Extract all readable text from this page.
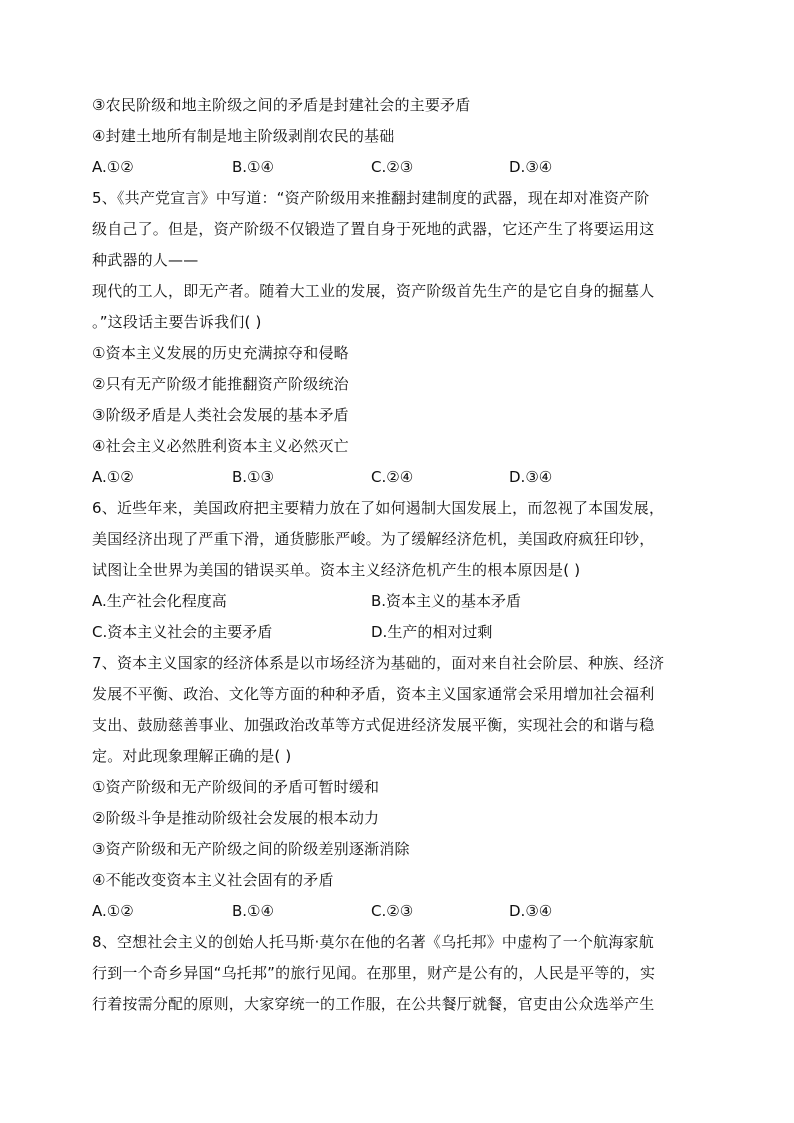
③农民阶级和地主阶级之间的矛盾是封建社会的主要矛盾
④封建土地所有制是地主阶级剥削农民的基础
A.①②	B.①④	C.②③	D.③④
5、《共产党宣言》中写道：“资产阶级用来推翻封建制度的武器，现在却对准资产阶
级自己了。但是，资产阶级不仅锻造了置自身于死地的武器，它还产生了将要运用这
种武器的人——
现代的工人，即无产者。随着大工业的发展，资产阶级首先生产的是它自身的掘墓人
。”这段话主要告诉我们( )
①资本主义发展的历史充满掠夺和侵略
②只有无产阶级才能推翻资产阶级统治
③阶级矛盾是人类社会发展的基本矛盾
④社会主义必然胜利资本主义必然灭亡
A.①②	B.①③	C.②④	D.③④
6、近些年来，美国政府把主要精力放在了如何遏制大国发展上，而忽视了本国发展，
美国经济出现了严重下滑，通货膨胀严峻。为了缓解经济危机，美国政府疯狂印钞，
试图让全世界为美国的错误买单。资本主义经济危机产生的根本原因是( )
A.生产社会化程度高	B.资本主义的基本矛盾
C.资本主义社会的主要矛盾	D.生产的相对过剩
7、资本主义国家的经济体系是以市场经济为基础的，面对来自社会阶层、种族、经济
发展不平衡、政治、文化等方面的种种矛盾，资本主义国家通常会采用增加社会福利
支出、鼓励慈善事业、加强政治改革等方式促进经济发展平衡，实现社会的和谐与稳
定。对此现象理解正确的是( )
①资产阶级和无产阶级间的矛盾可暂时缓和
②阶级斗争是推动阶级社会发展的根本动力
③资产阶级和无产阶级之间的阶级差别逐渐消除
④不能改变资本主义社会固有的矛盾
A.①②	B.①④	C.②③	D.③④
8、空想社会主义的创始人托马斯·莫尔在他的名著《乌托邦》中虚构了一个航海家航
行到一个奇乡异国“乌托邦”的旅行见闻。在那里，财产是公有的，人民是平等的，实
行着按需分配的原则，大家穿统一的工作服，在公共餐厅就餐，官吏由公众选举产生
